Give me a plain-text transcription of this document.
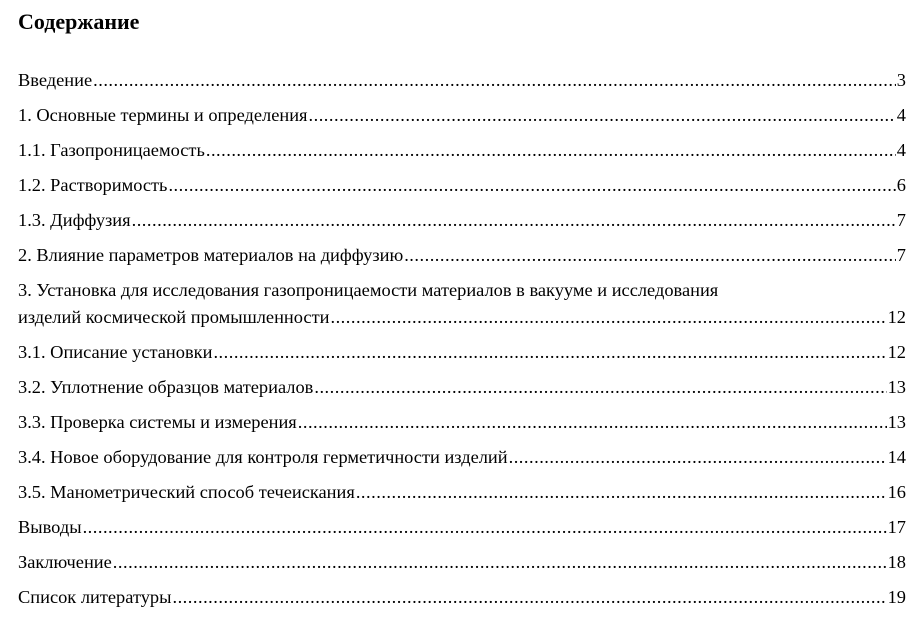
Содержание
Введение .....	3
1. Основные термины и определения .....	4
1.1. Газопроницаемость .....	4
1.2. Растворимость .....	6
1.3. Диффузия .....	7
2. Влияние параметров материалов на диффузию .....	7
3. Установка для исследования газопроницаемости материалов в вакууме и исследования
изделий космической промышленности .....	12
3.1. Описание установки .....	12
3.2. Уплотнение образцов материалов .....	13
3.3. Проверка системы и измерения .....	13
3.4. Новое оборудование для контроля герметичности изделий .....	14
3.5. Манометрический способ течеискания .....	16
Выводы .....	17
Заключение .....	18
Список литературы .....	19
